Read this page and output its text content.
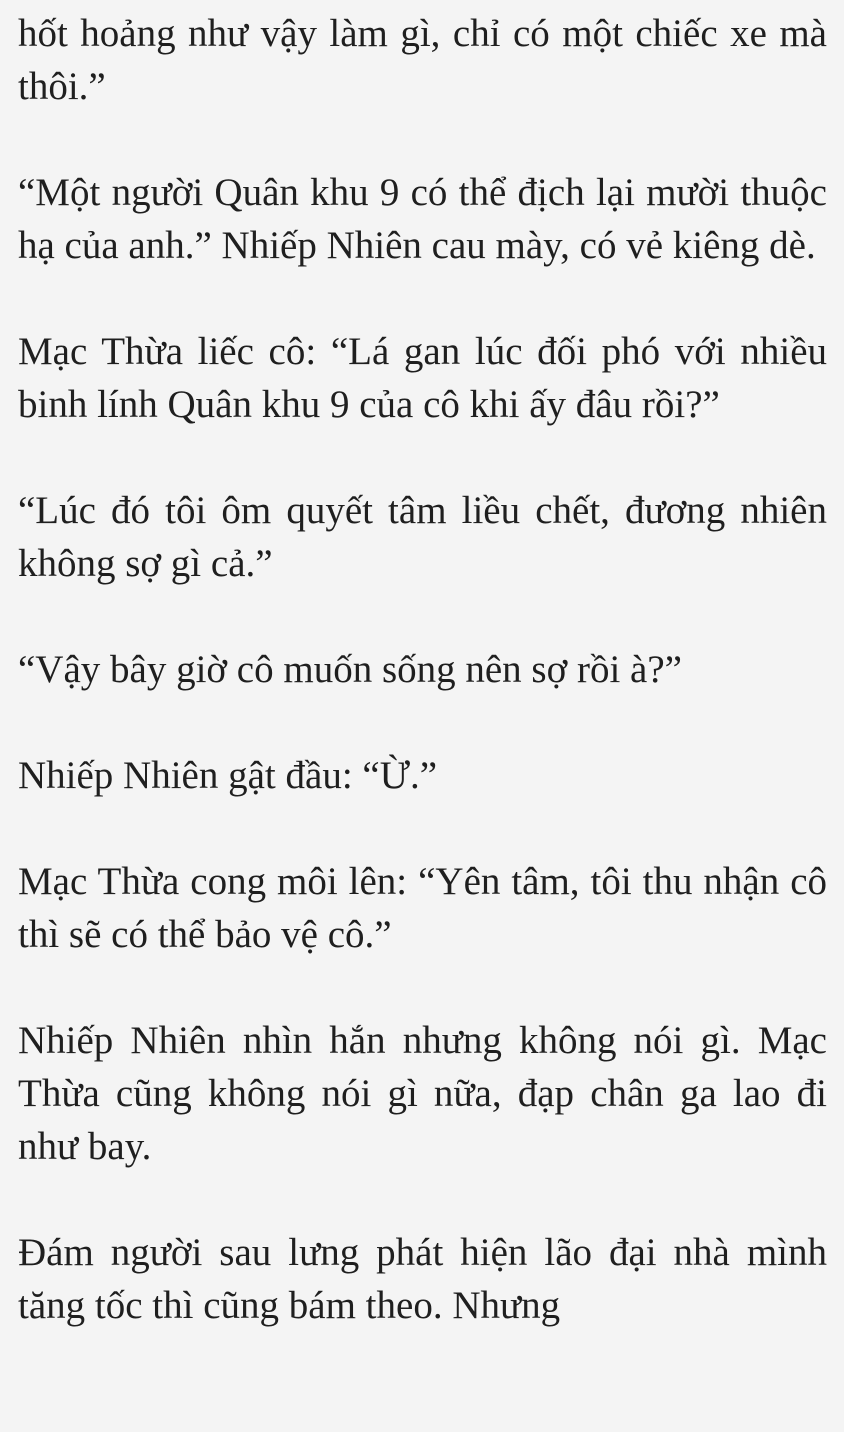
hốt hoảng như vậy làm gì, chỉ có một chiếc xe mà thôi.”

“Một người Quân khu 9 có thể địch lại mười thuộc hạ của anh.” Nhiếp Nhiên cau mày, có vẻ kiêng dè.

Mạc Thừa liếc cô: “Lá gan lúc đối phó với nhiều binh lính Quân khu 9 của cô khi ấy đâu rồi?”

“Lúc đó tôi ôm quyết tâm liều chết, đương nhiên không sợ gì cả.”

“Vậy bây giờ cô muốn sống nên sợ rồi à?”

Nhiếp Nhiên gật đầu: “Ừ.”

Mạc Thừa cong môi lên: “Yên tâm, tôi thu nhận cô thì sẽ có thể bảo vệ cô.”

Nhiếp Nhiên nhìn hắn nhưng không nói gì. Mạc Thừa cũng không nói gì nữa, đạp chân ga lao đi như bay.

Đám người sau lưng phát hiện lão đại nhà mình tăng tốc thì cũng bám theo. Nhưng
